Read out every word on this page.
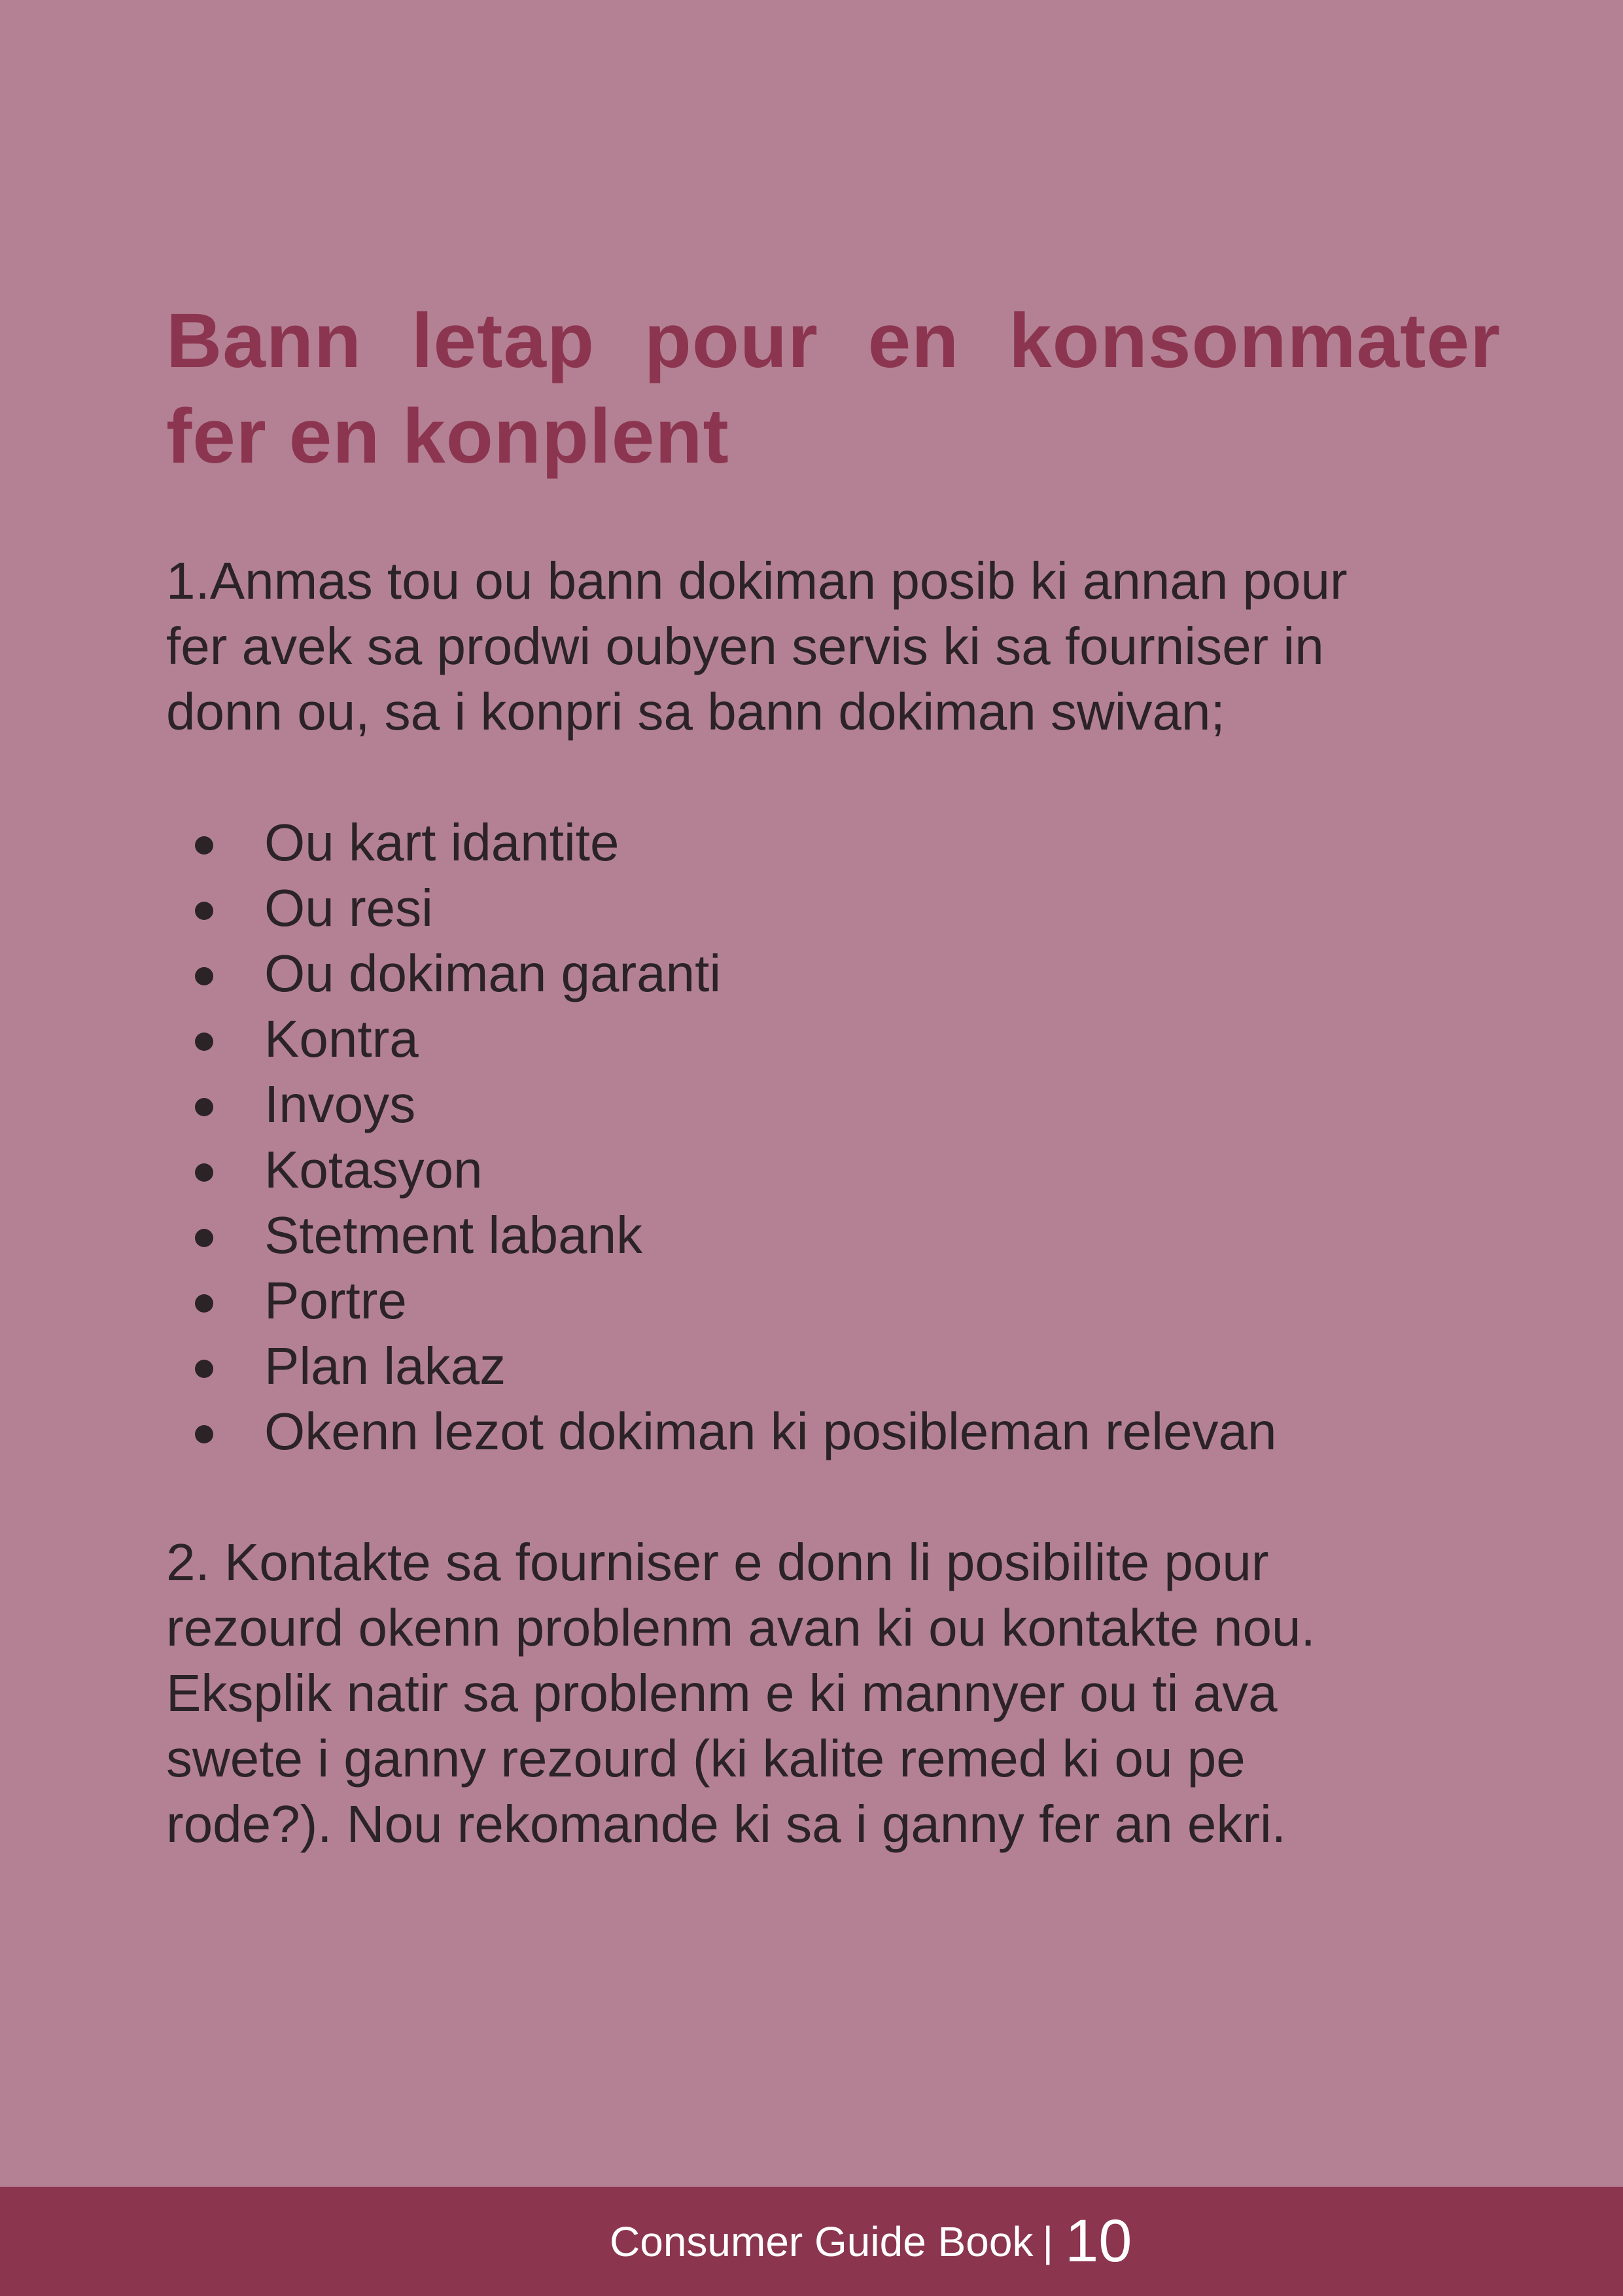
Bann letap pour en konsonmater fer en konplent

1.Anmas tou ou bann dokiman posib ki annan pour fer avek sa prodwi oubyen servis ki sa fourniser in donn ou, sa i konpri sa bann dokiman swivan;

Ou kart idantite
Ou resi
Ou dokiman garanti
Kontra
Invoys
Kotasyon
Stetment labank
Portre
Plan lakaz
Okenn lezot dokiman ki posibleman relevan

2. Kontakte sa fourniser e donn li posibilite pour rezourd okenn problenm avan ki ou kontakte nou. Eksplik natir sa problenm e ki mannyer ou ti ava swete i ganny rezourd (ki kalite remed ki ou pe rode?). Nou rekomande ki sa i ganny fer an ekri.

Consumer Guide Book | 10
